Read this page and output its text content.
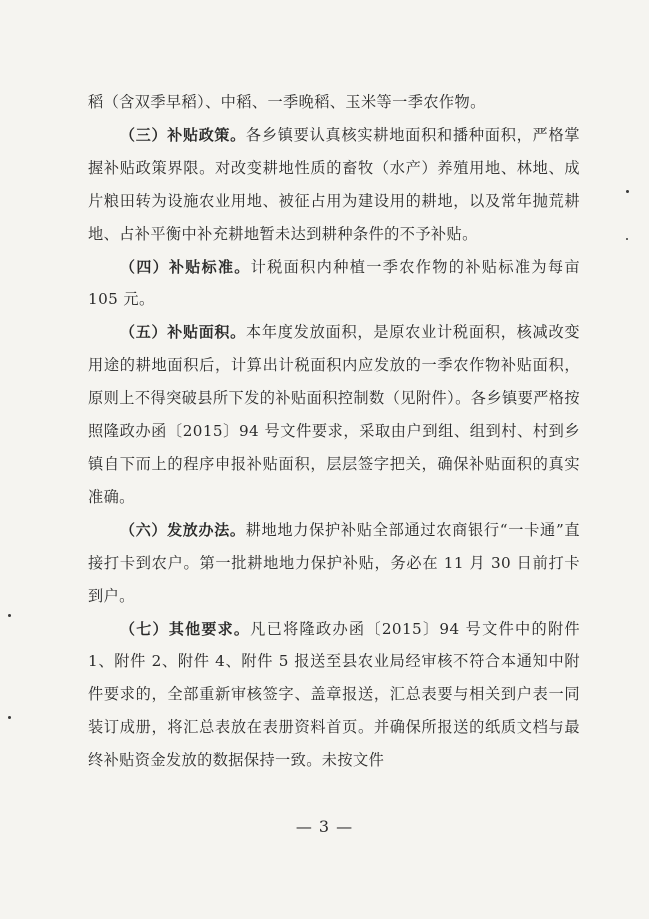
稻（含双季早稻）、中稻、一季晚稻、玉米等一季农作物。

（三）补贴政策。各乡镇要认真核实耕地面积和播种面积，严格掌握补贴政策界限。对改变耕地性质的畜牧（水产）养殖用地、林地、成片粮田转为设施农业用地、被征占用为建设用的耕地，以及常年抛荒耕地、占补平衡中补充耕地暂未达到耕种条件的不予补贴。

（四）补贴标准。计税面积内种植一季农作物的补贴标准为每亩 105 元。

（五）补贴面积。本年度发放面积，是原农业计税面积，核减改变用途的耕地面积后，计算出计税面积内应发放的一季农作物补贴面积，原则上不得突破县所下发的补贴面积控制数（见附件）。各乡镇要严格按照隆政办函〔2015〕94 号文件要求，采取由户到组、组到村、村到乡镇自下而上的程序申报补贴面积，层层签字把关，确保补贴面积的真实准确。

（六）发放办法。耕地地力保护补贴全部通过农商银行“一卡通”直接打卡到农户。第一批耕地地力保护补贴，务必在 11 月 30 日前打卡到户。

（七）其他要求。凡已将隆政办函〔2015〕94 号文件中的附件 1、附件 2、附件 4、附件 5 报送至县农业局经审核不符合本通知中附件要求的，全部重新审核签字、盖章报送，汇总表要与相关到户表一同装订成册，将汇总表放在表册资料首页。并确保所报送的纸质文档与最终补贴资金发放的数据保持一致。未按文件

— 3 —
